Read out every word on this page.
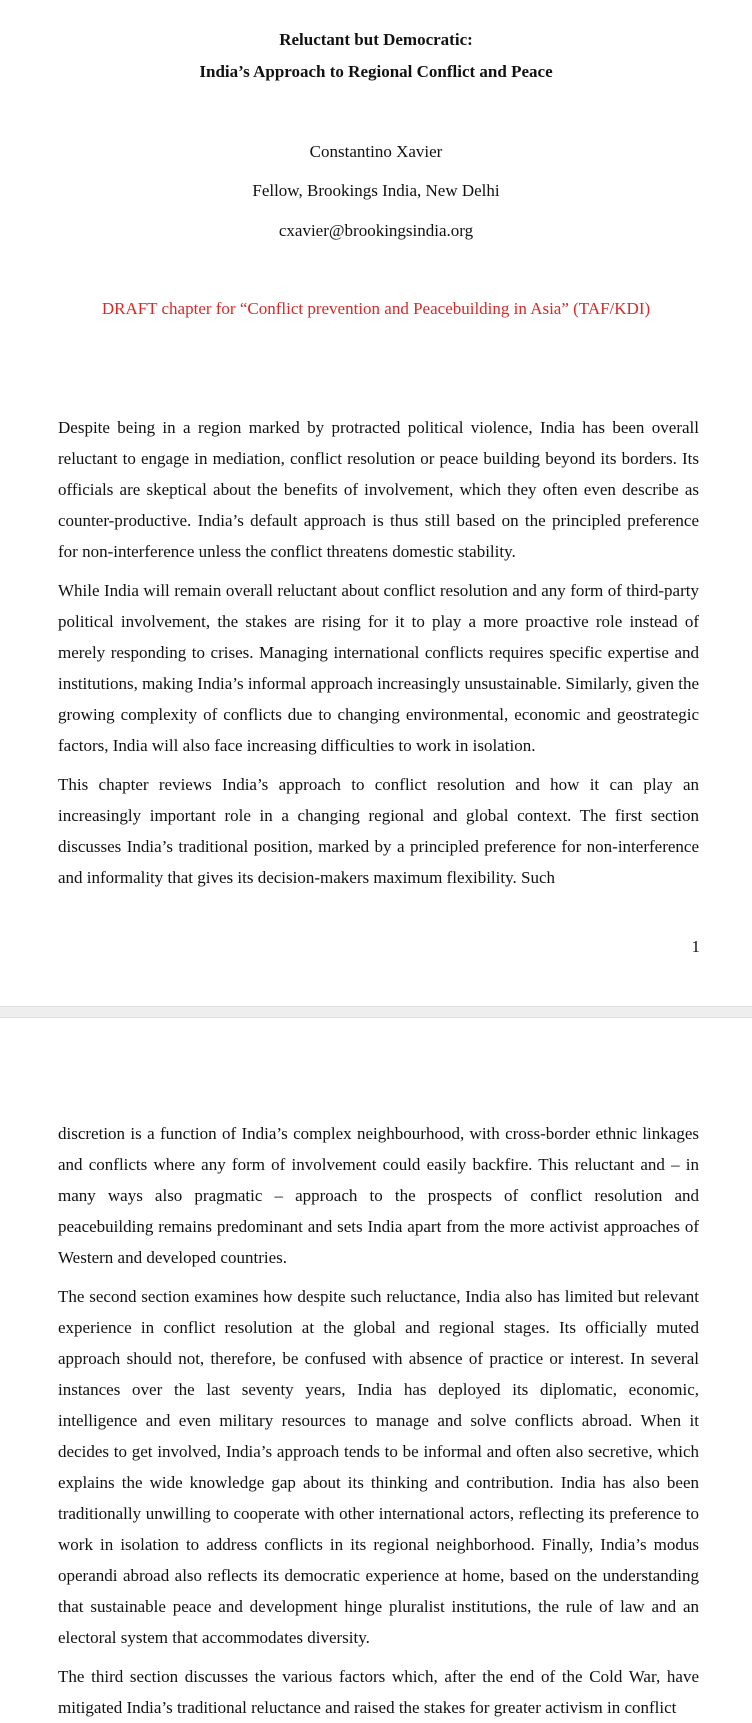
Reluctant but Democratic:

India’s Approach to Regional Conflict and Peace

Constantino Xavier

Fellow, Brookings India, New Delhi

cxavier@brookingsindia.org

DRAFT chapter for “Conflict prevention and Peacebuilding in Asia” (TAF/KDI)

Despite being in a region marked by protracted political violence, India has been overall reluctant to engage in mediation, conflict resolution or peace building beyond its borders. Its officials are skeptical about the benefits of involvement, which they often even describe as counter-productive. India’s default approach is thus still based on the principled preference for non-interference unless the conflict threatens domestic stability.

While India will remain overall reluctant about conflict resolution and any form of third-party political involvement, the stakes are rising for it to play a more proactive role instead of merely responding to crises. Managing international conflicts requires specific expertise and institutions, making India’s informal approach increasingly unsustainable. Similarly, given the growing complexity of conflicts due to changing environmental, economic and geostrategic factors, India will also face increasing difficulties to work in isolation.

This chapter reviews India’s approach to conflict resolution and how it can play an increasingly important role in a changing regional and global context. The first section discusses India’s traditional position, marked by a principled preference for non-interference and informality that gives its decision-makers maximum flexibility. Such

1

discretion is a function of India’s complex neighbourhood, with cross-border ethnic linkages and conflicts where any form of involvement could easily backfire. This reluctant and – in many ways also pragmatic – approach to the prospects of conflict resolution and peacebuilding remains predominant and sets India apart from the more activist approaches of Western and developed countries.

The second section examines how despite such reluctance, India also has limited but relevant experience in conflict resolution at the global and regional stages. Its officially muted approach should not, therefore, be confused with absence of practice or interest. In several instances over the last seventy years, India has deployed its diplomatic, economic, intelligence and even military resources to manage and solve conflicts abroad. When it decides to get involved, India’s approach tends to be informal and often also secretive, which explains the wide knowledge gap about its thinking and contribution. India has also been traditionally unwilling to cooperate with other international actors, reflecting its preference to work in isolation to address conflicts in its regional neighborhood. Finally, India’s modus operandi abroad also reflects its democratic experience at home, based on the understanding that sustainable peace and development hinge pluralist institutions, the rule of law and an electoral system that accommodates diversity.

The third section discusses the various factors which, after the end of the Cold War, have mitigated India’s traditional reluctance and raised the stakes for greater activism in conflict
